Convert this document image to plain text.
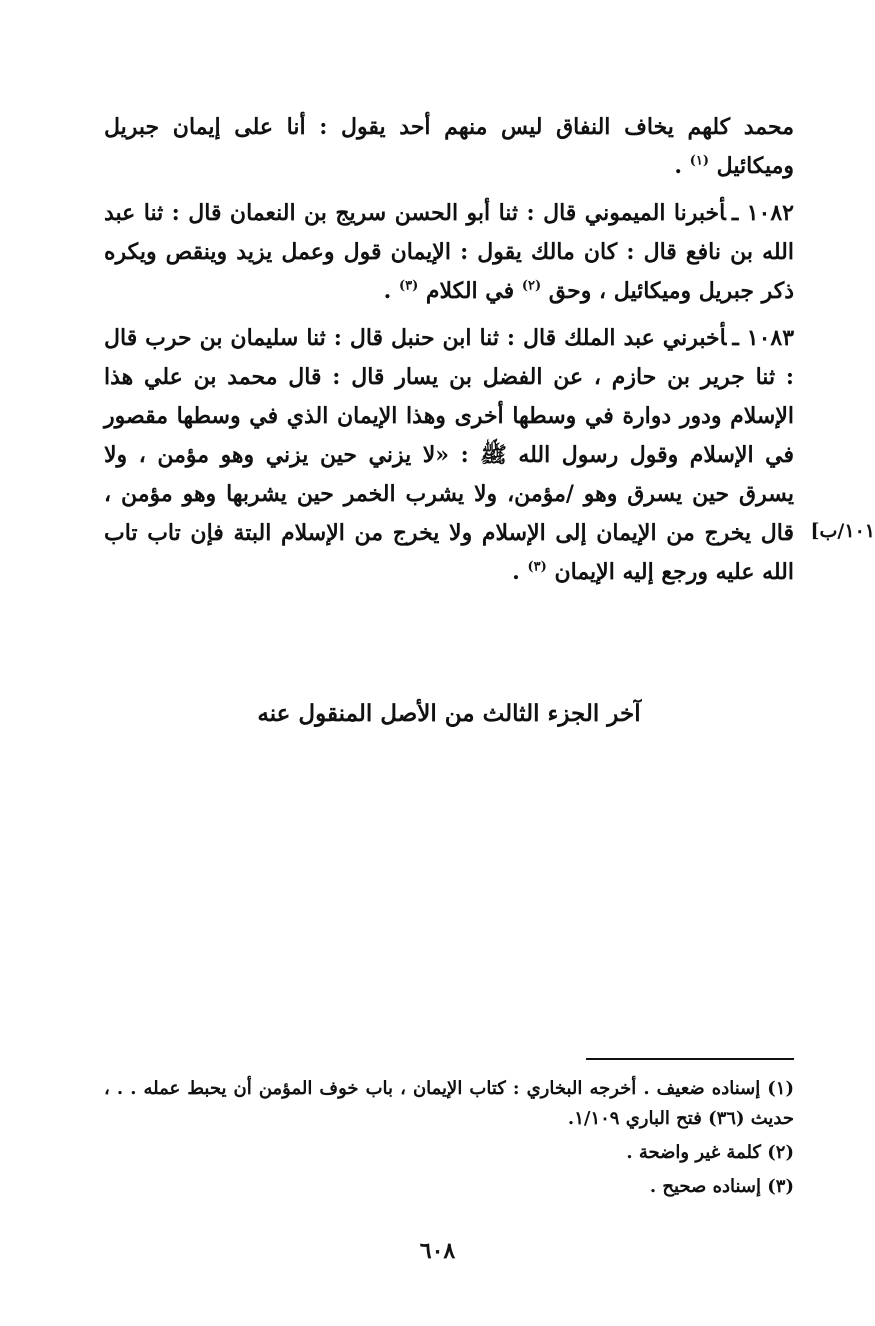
محمد كلهم يخاف النفاق ليس منهم أحد يقول : أنا على إيمان جبريل وميكائيل $^{(١)}$ .

١٠٨٢ ـأخبرنا الميموني قال : ثنا أبو الحسن سريج بن النعمان قال : ثنا عبد الله بن نافع قال : كان مالك يقول : الإيمان قول وعمل يزيد وينقص ويكره ذكر جبريل وميكائيل ، وحق $^{(٢)}$ في الكلام $^{(٣)}$ .

١٠٨٣ ـأخبرني عبد الملك قال : ثنا ابن حنبل قال : ثنا سليمان بن حرب قال : ثنا جرير بن حازم ، عن الفضل بن يسار قال : قال محمد بن علي هذا الإسلام ودور دوارة في وسطها أخرى وهذا الإيمان الذي في وسطها مقصور في الإسلام وقول رسول الله ﷺ : «لا يزني حين يزني وهو مؤمن ، ولا يسرق حين يسرق وهو /مؤمن، ولا يشرب الخمر حين يشربها وهو مؤمن ، قال يخرج من الإيمان إلى الإسلام ولا يخرج من الإسلام البتة فإن تاب تاب الله عليه ورجع إليه الإيمان $^{(٣)}$ .

١٠١/ب]
آخر الجزء الثالث من الأصل المنقول عنه

(١) إسناده ضعيف . أخرجه البخاري : كتاب الإيمان ، باب خوف المؤمن أن يحبط عمله . . ، حديث (٣٦) فتح الباري ١/١٠٩.

(٢) كلمة غير واضحة .

(٣) إسناده صحيح .

٦٠٨
